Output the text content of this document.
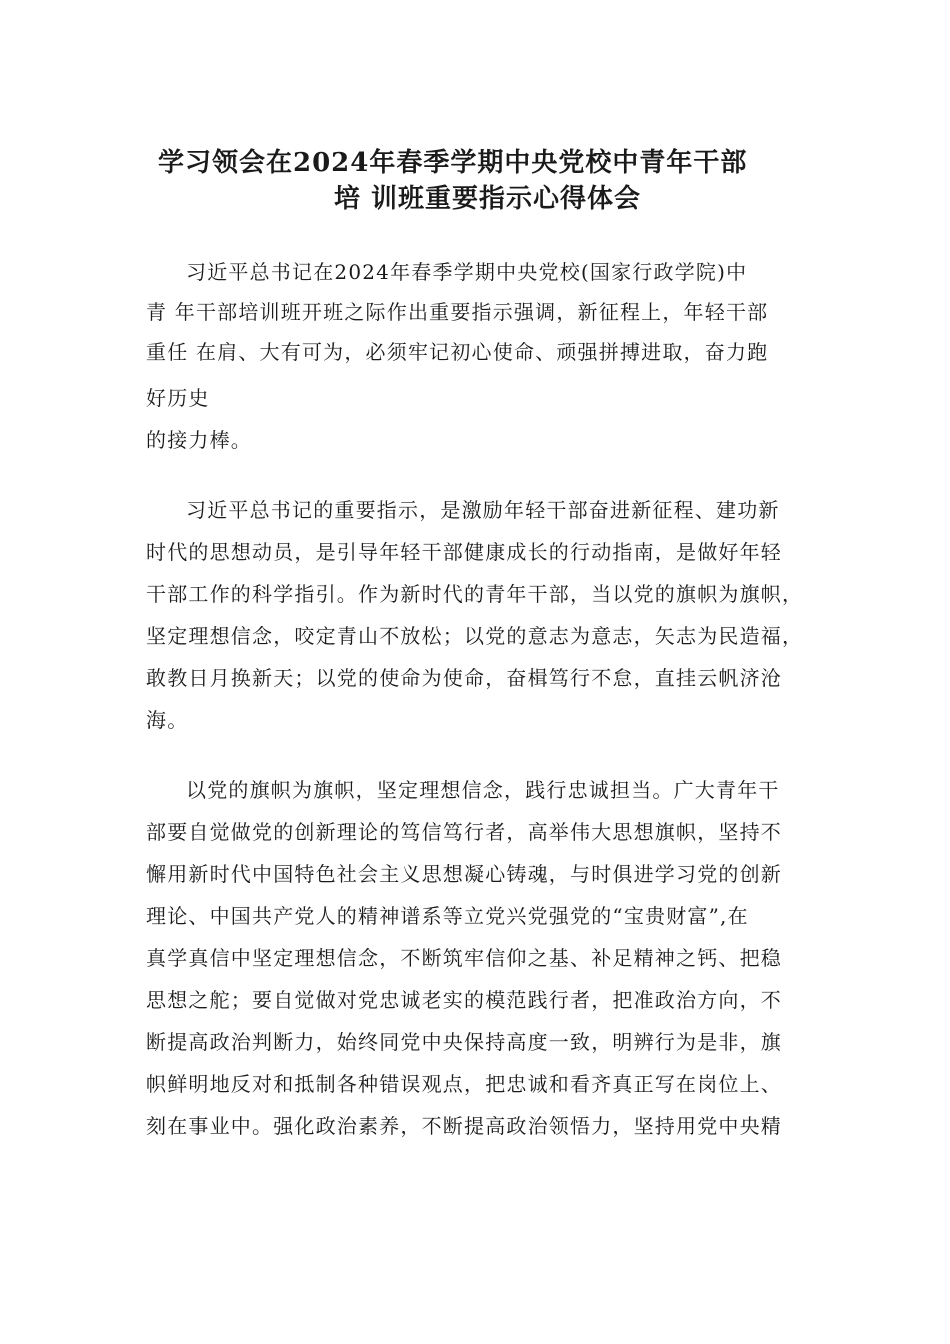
学习领会在2024年春季学期中央党校中青年干部
培 训班重要指示心得体会

习近平总书记在2024年春季学期中央党校(国家行政学院)中

青 年干部培训班开班之际作出重要指示强调，新征程上，年轻干部

重任 在肩、大有可为，必须牢记初心使命、顽强拼搏进取，奋力跑

好历史

的接力棒。

习近平总书记的重要指示，是激励年轻干部奋进新征程、建功新

时代的思想动员，是引导年轻干部健康成长的行动指南，是做好年轻

干部工作的科学指引。作为新时代的青年干部，当以党的旗帜为旗帜，

坚定理想信念，咬定青山不放松；以党的意志为意志，矢志为民造福，

敢教日月换新天；以党的使命为使命，奋楫笃行不怠，直挂云帆济沧

海。

以党的旗帜为旗帜，坚定理想信念，践行忠诚担当。广大青年干

部要自觉做党的创新理论的笃信笃行者，高举伟大思想旗帜，坚持不

懈用新时代中国特色社会主义思想凝心铸魂，与时俱进学习党的创新

理论、中国共产党人的精神谱系等立党兴党强党的“宝贵财富”,在

真学真信中坚定理想信念，不断筑牢信仰之基、补足精神之钙、把稳

思想之舵；要自觉做对党忠诚老实的模范践行者，把准政治方向，不

断提高政治判断力，始终同党中央保持高度一致，明辨行为是非，旗

帜鲜明地反对和抵制各种错误观点，把忠诚和看齐真正写在岗位上、

刻在事业中。强化政治素养，不断提高政治领悟力，坚持用党中央精
